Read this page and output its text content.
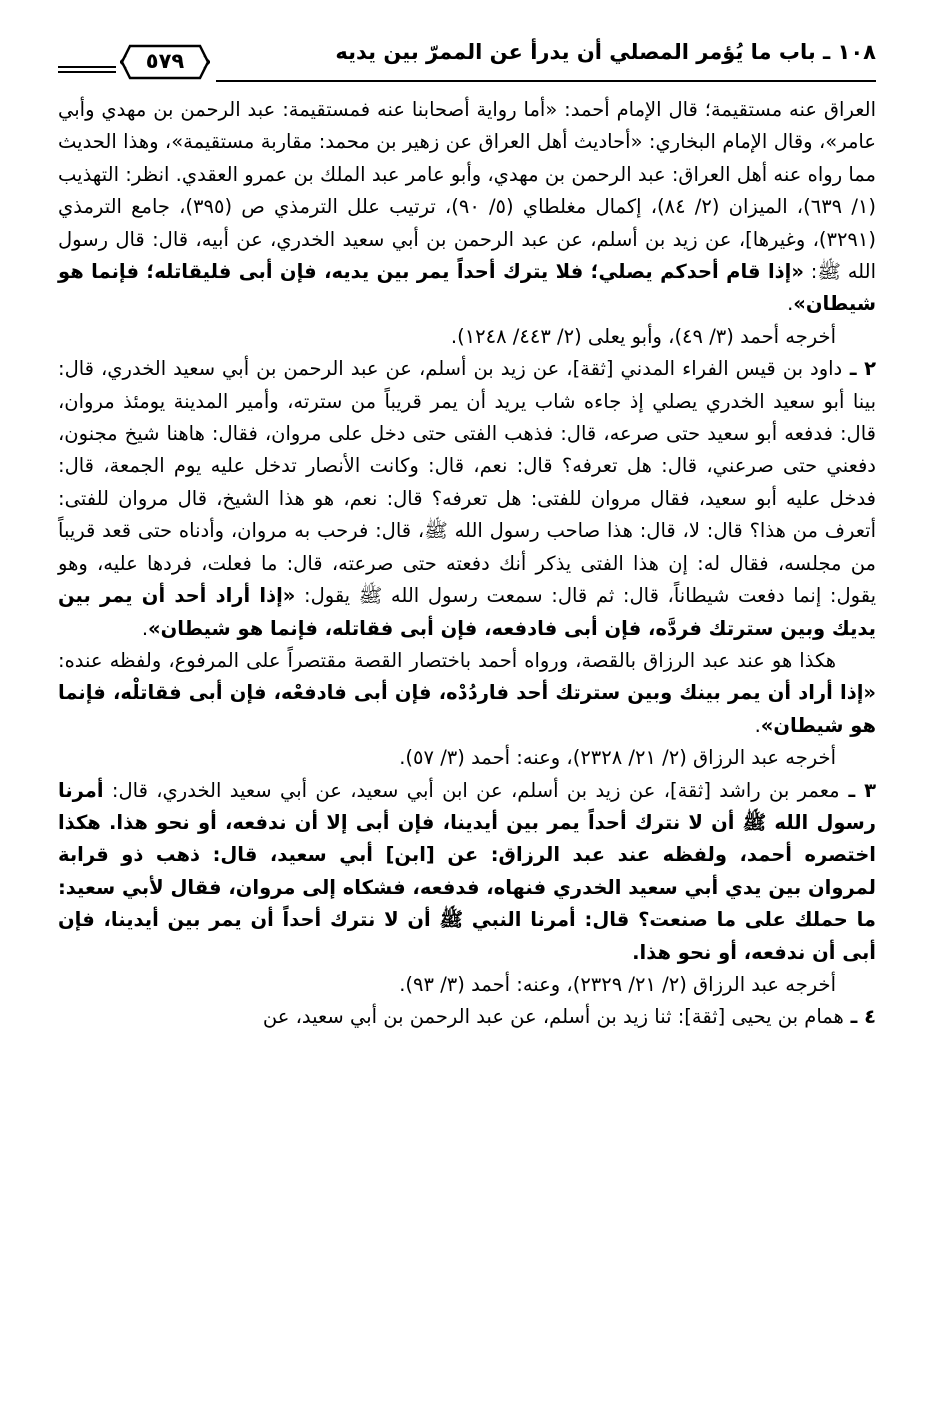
١٠٨ ـ باب ما يُؤمر المصلي أن يدرأ عن الممرّ بين يديه
٥٧٩

العراق عنه مستقيمة؛ قال الإمام أحمد: «أما رواية أصحابنا عنه فمستقيمة: عبد الرحمن بن مهدي وأبي عامر»، وقال الإمام البخاري: «أحاديث أهل العراق عن زهير بن محمد: مقاربة مستقيمة»، وهذا الحديث مما رواه عنه أهل العراق: عبد الرحمن بن مهدي، وأبو عامر عبد الملك بن عمرو العقدي. انظر: التهذيب (١/ ٦٣٩)، الميزان (٢/ ٨٤)، إكمال مغلطاي (٥/ ٩٠)، ترتيب علل الترمذي ص (٣٩٥)، جامع الترمذي (٣٢٩١)، وغيرها]، عن زيد بن أسلم، عن عبد الرحمن بن أبي سعيد الخدري، عن أبيه، قال: قال رسول الله ﷺ: «إذا قام أحدكم يصلي؛ فلا يترك أحداً يمر بين يديه، فإن أبى فليقاتله؛ فإنما هو شيطان».

أخرجه أحمد (٣/ ٤٩)، وأبو يعلى (٢/ ٤٤٣/ ١٢٤٨).

٢ ـ داود بن قيس الفراء المدني [ثقة]، عن زيد بن أسلم، عن عبد الرحمن بن أبي سعيد الخدري، قال: بينا أبو سعيد الخدري يصلي إذ جاءه شاب يريد أن يمر قريباً من سترته، وأمير المدينة يومئذ مروان، قال: فدفعه أبو سعيد حتى صرعه، قال: فذهب الفتى حتى دخل على مروان، فقال: هاهنا شيخ مجنون، دفعني حتى صرعني، قال: هل تعرفه؟ قال: نعم، قال: وكانت الأنصار تدخل عليه يوم الجمعة، قال: فدخل عليه أبو سعيد، فقال مروان للفتى: هل تعرفه؟ قال: نعم، هو هذا الشيخ، قال مروان للفتى: أتعرف من هذا؟ قال: لا، قال: هذا صاحب رسول الله ﷺ، قال: فرحب به مروان، وأدناه حتى قعد قريباً من مجلسه، فقال له: إن هذا الفتى يذكر أنك دفعته حتى صرعته، قال: ما فعلت، فردها عليه، وهو يقول: إنما دفعت شيطاناً، قال: ثم قال: سمعت رسول الله ﷺ يقول: «إذا أراد أحد أن يمر بين يديك وبين سترتك فردَّه، فإن أبى فادفعه، فإن أبى فقاتله، فإنما هو شيطان».

هكذا هو عند عبد الرزاق بالقصة، ورواه أحمد باختصار القصة مقتصراً على المرفوع، ولفظه عنده: «إذا أراد أن يمر بينك وبين سترتك أحد فاردُدْه، فإن أبى فادفعْه، فإن أبى فقاتلْه، فإنما هو شيطان».

أخرجه عبد الرزاق (٢/ ٢١/ ٢٣٢٨)، وعنه: أحمد (٣/ ٥٧).

٣ ـ معمر بن راشد [ثقة]، عن زيد بن أسلم، عن ابن أبي سعيد، عن أبي سعيد الخدري، قال: أمرنا رسول الله ﷺ أن لا نترك أحداً يمر بين أيدينا، فإن أبى إلا أن ندفعه، أو نحو هذا. هكذا اختصره أحمد، ولفظه عند عبد الرزاق: عن [ابن] أبي سعيد، قال: ذهب ذو قرابة لمروان بين يدي أبي سعيد الخدري فنهاه، فدفعه، فشكاه إلى مروان، فقال لأبي سعيد: ما حملك على ما صنعت؟ قال: أمرنا النبي ﷺ أن لا نترك أحداً أن يمر بين أيدينا، فإن أبى أن ندفعه، أو نحو هذا.

أخرجه عبد الرزاق (٢/ ٢١/ ٢٣٢٩)، وعنه: أحمد (٣/ ٩٣).

٤ ـ همام بن يحيى [ثقة]: ثنا زيد بن أسلم، عن عبد الرحمن بن أبي سعيد، عن
